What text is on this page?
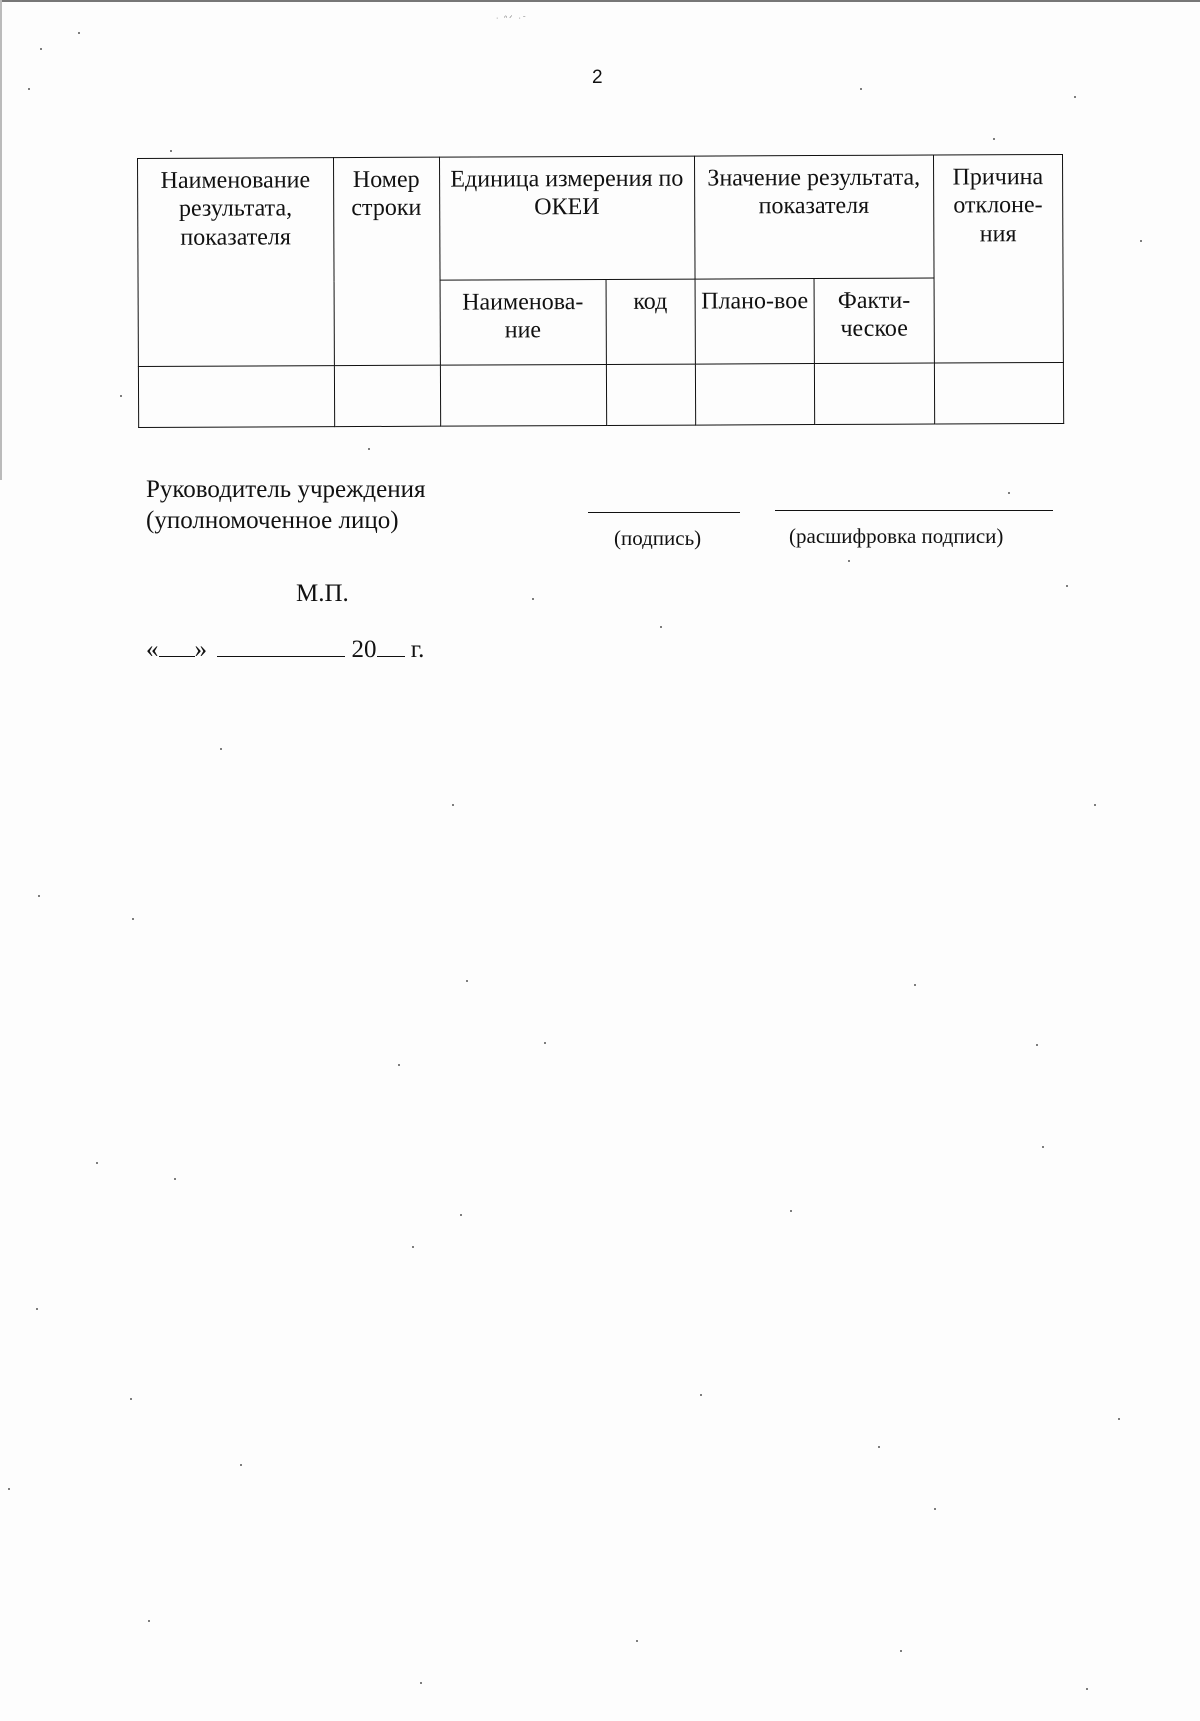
ᐧ ᐢᐟ ᐧᐨ
2
Наименование результата, показателя	Номер строки	Единица измерения по ОКЕИ		Значение результата, показателя		Причина отклоне-ния
		Наименова-ние	код	Плано-вое	Факти-ческое	

Руководитель учреждения
(уполномоченное лицо)
(подпись)	(расшифровка подписи)
М.П.
« »	20 г.
